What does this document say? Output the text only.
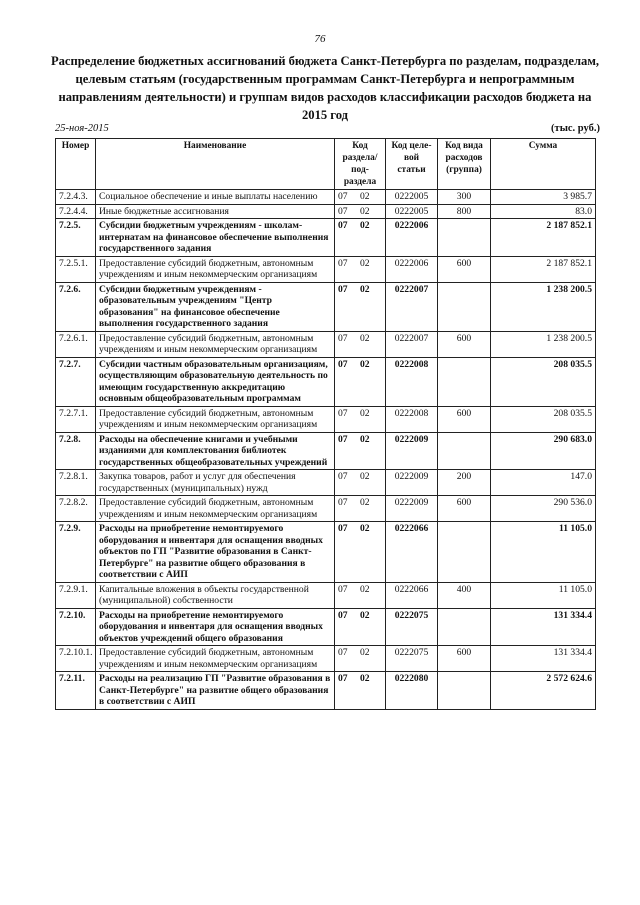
76
Распределение бюджетных ассигнований бюджета Санкт-Петербурга по разделам, подразделам, целевым статьям (государственным программам Санкт-Петербурга и непрограммным направлениям деятельности) и группам видов расходов классификации расходов бюджета на 2015 год
25-ноя-2015	(тыс. руб.)
Номер	Наименование	Код раздела/ под- раздела	Код целе- вой статьи	Код вида расходов (группа)	Сумма
7.2.4.3.	Социальное обеспечение и иные выплаты населению	07 02	0222005	300	3 985.7
7.2.4.4.	Иные бюджетные ассигнования	07 02	0222005	800	83.0
7.2.5.	Субсидии бюджетным учреждениям - школам-интернатам на финансовое обеспечение выполнения государственного задания	07 02	0222006		2 187 852.1
7.2.5.1.	Предоставление субсидий бюджетным, автономным учреждениям и иным некоммерческим организациям	07 02	0222006	600	2 187 852.1
7.2.6.	Субсидии бюджетным учреждениям - образовательным учреждениям "Центр образования" на финансовое обеспечение выполнения государственного задания	07 02	0222007		1 238 200.5
7.2.6.1.	Предоставление субсидий бюджетным, автономным учреждениям и иным некоммерческим организациям	07 02	0222007	600	1 238 200.5
7.2.7.	Субсидии частным образовательным организациям, осуществляющим образовательную деятельность по имеющим государственную аккредитацию основным общеобразовательным программам	07 02	0222008		208 035.5
7.2.7.1.	Предоставление субсидий бюджетным, автономным учреждениям и иным некоммерческим организациям	07 02	0222008	600	208 035.5
7.2.8.	Расходы на обеспечение книгами и учебными изданиями для комплектования библиотек государственных общеобразовательных учреждений	07 02	0222009		290 683.0
7.2.8.1.	Закупка товаров, работ и услуг для обеспечения государственных (муниципальных) нужд	07 02	0222009	200	147.0
7.2.8.2.	Предоставление субсидий бюджетным, автономным учреждениям и иным некоммерческим организациям	07 02	0222009	600	290 536.0
7.2.9.	Расходы на приобретение немонтируемого оборудования и инвентаря для оснащения вводных объектов по ГП "Развитие образования в Санкт-Петербурге" на развитие общего образования в соответствии с АИП	07 02	0222066		11 105.0
7.2.9.1.	Капитальные вложения в объекты государственной (муниципальной) собственности	07 02	0222066	400	11 105.0
7.2.10.	Расходы на приобретение немонтируемого оборудования и инвентаря для оснащения вводных объектов учреждений общего образования	07 02	0222075		131 334.4
7.2.10.1.	Предоставление субсидий бюджетным, автономным учреждениям и иным некоммерческим организациям	07 02	0222075	600	131 334.4
7.2.11.	Расходы на реализацию ГП "Развитие образования в Санкт-Петербурге" на развитие общего образования в соответствии с АИП	07 02	0222080		2 572 624.6
